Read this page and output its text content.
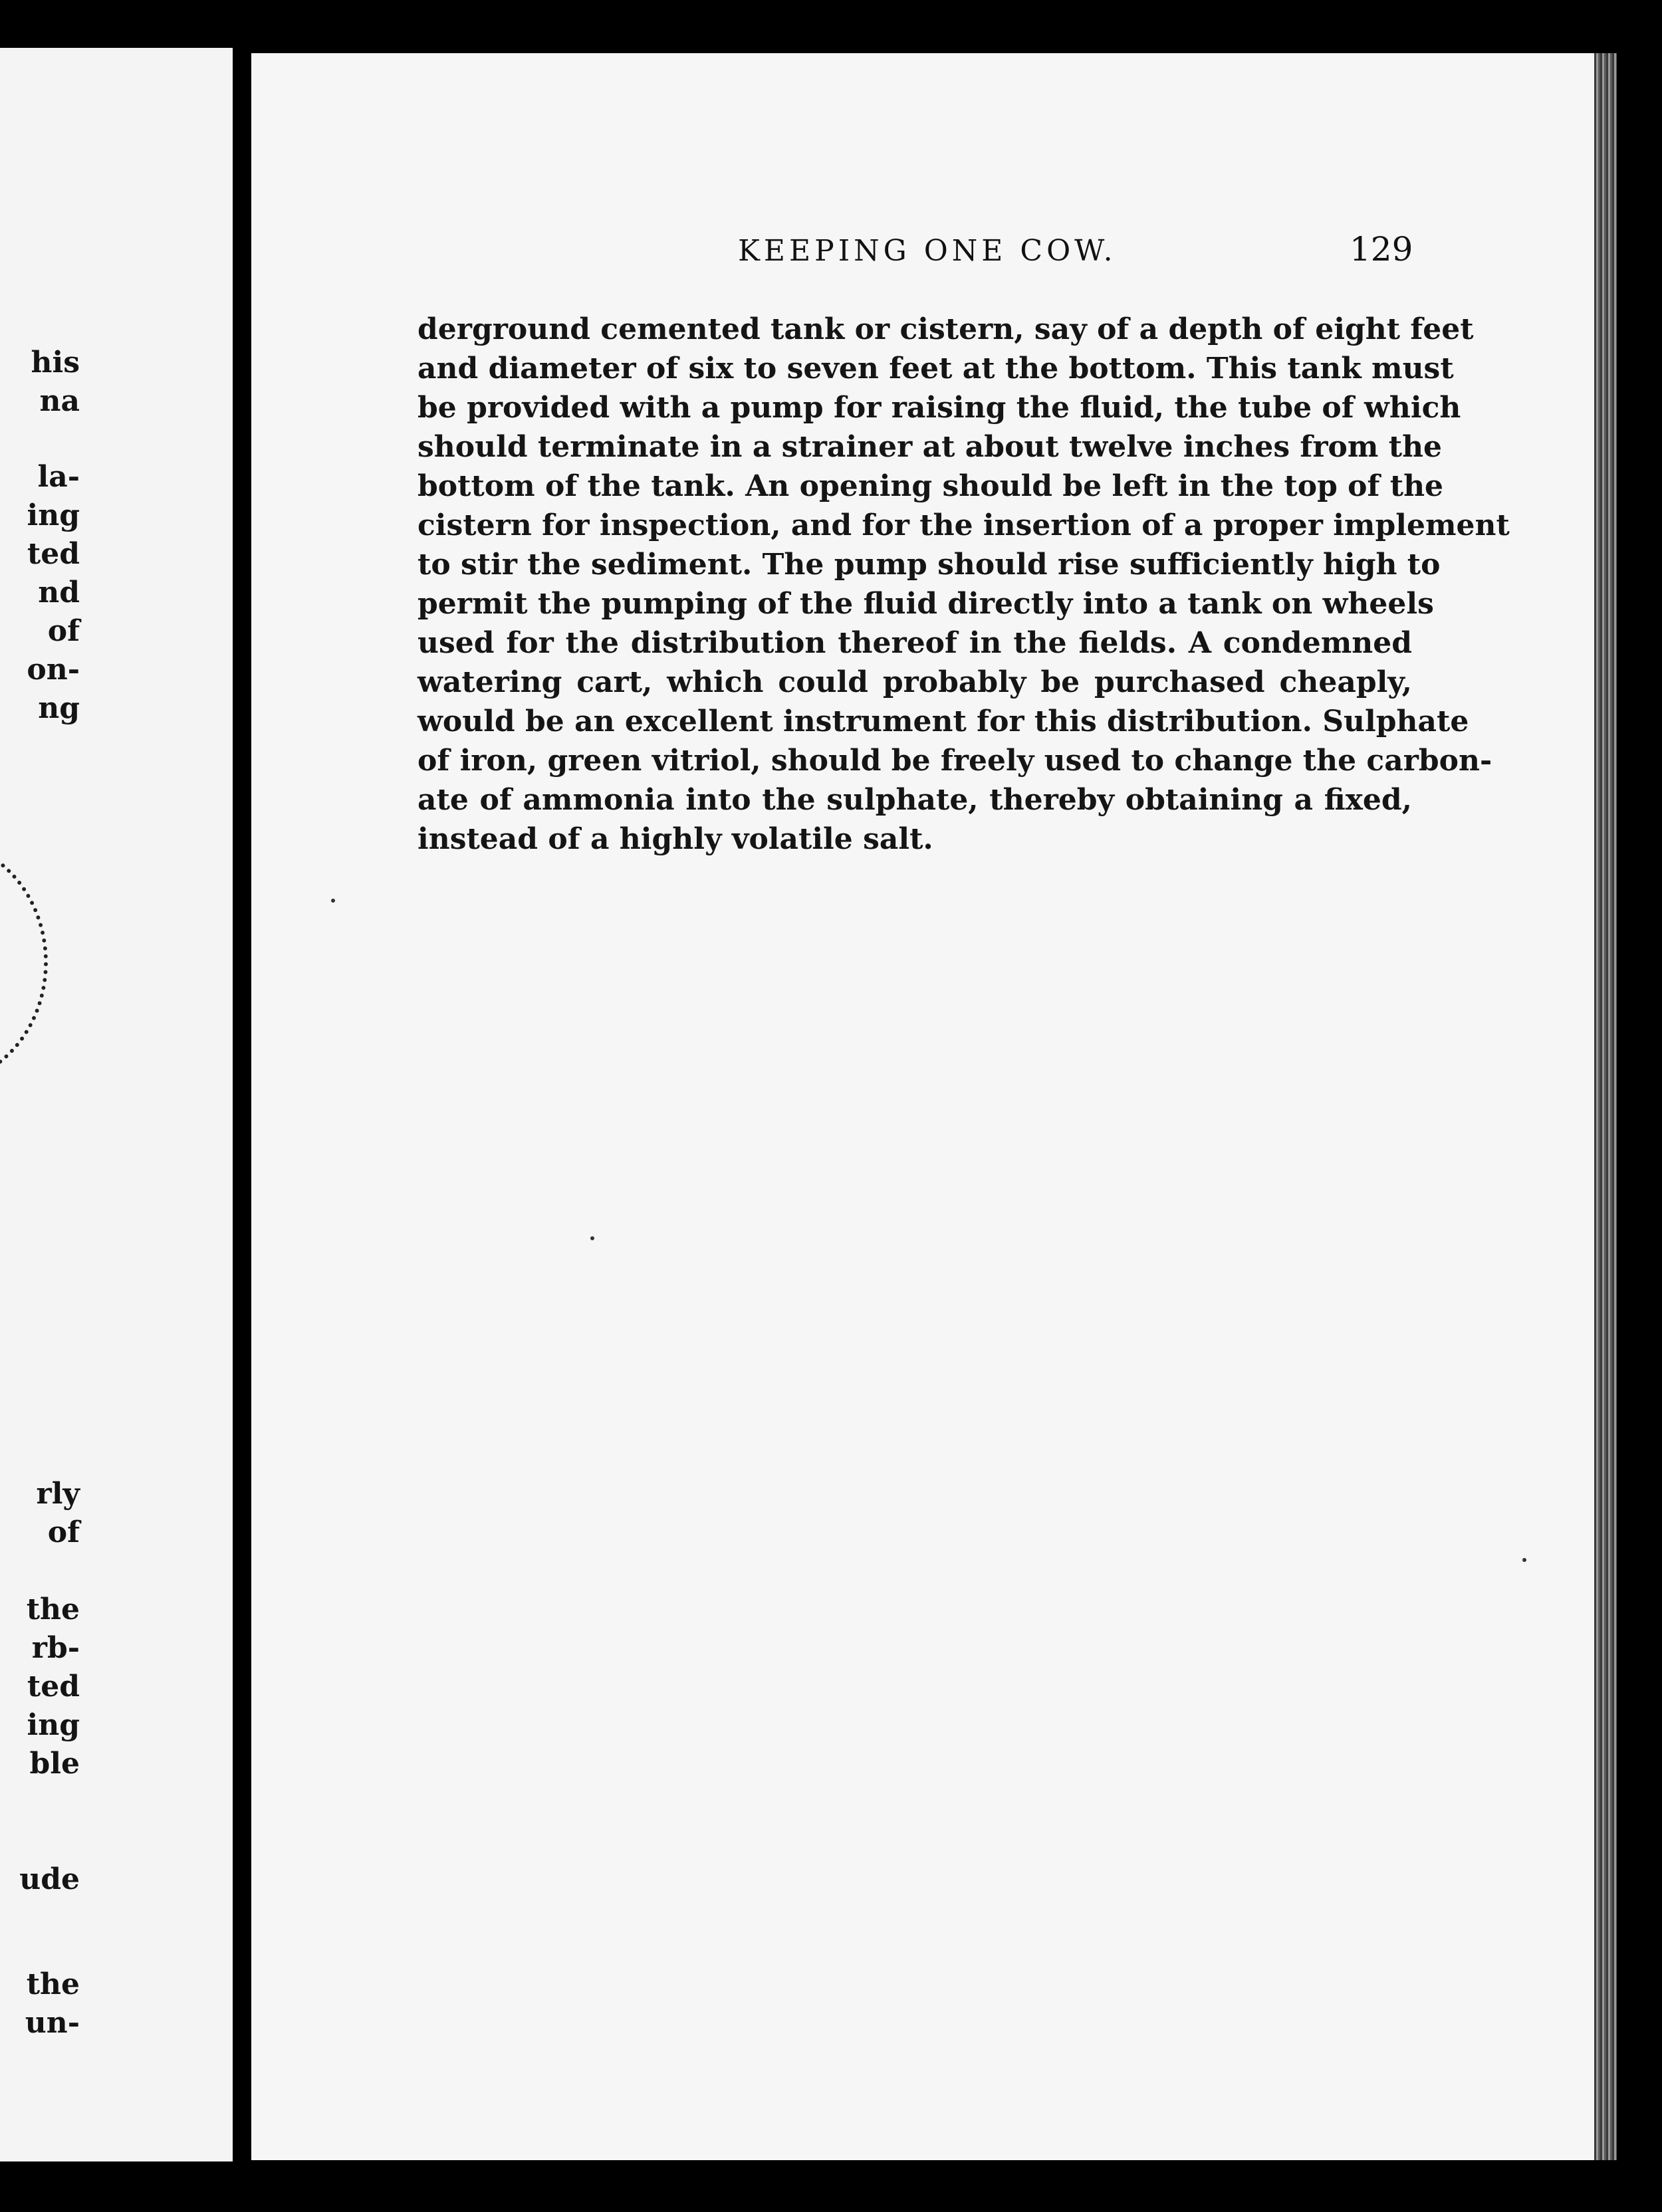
his
na
la-
ing
ted
nd
of
on-
ng
rly
of
the
rb-
ted
ing
ble
ude
the
un-
KEEPING ONE COW.	129
derground cemented tank or cistern, say of a depth of eight feet
and diameter of six to seven feet at the bottom. This tank must
be provided with a pump for raising the fluid, the tube of which
should terminate in a strainer at about twelve inches from the
bottom of the tank. An opening should be left in the top of the
cistern for inspection, and for the insertion of a proper implement
to stir the sediment. The pump should rise sufficiently high to
permit the pumping of the fluid directly into a tank on wheels
used for the distribution thereof in the fields. A condemned
watering cart, which could probably be purchased cheaply,
would be an excellent instrument for this distribution. Sulphate
of iron, green vitriol, should be freely used to change the carbon-
ate of ammonia into the sulphate, thereby obtaining a fixed,
instead of a highly volatile salt.
